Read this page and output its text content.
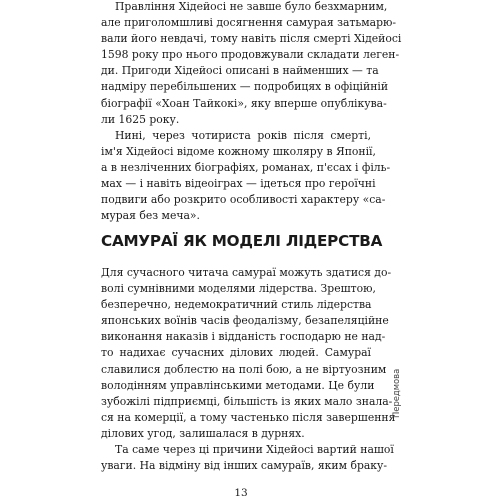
Правління Хідейосі не завше було безхмарним,
але приголомшливі досягнення самурая затьмарю-
вали його невдачі, тому навіть після смерті Хідейосі
1598 року про нього продовжували складати леген-
ди. Пригоди Хідейосі описані в найменших — та
надміру перебільшених — подробицях в офіційній
біографії «Хоан Тайкокі», яку вперше опублікува-
ли 1625 року.

Нині, через чотириста років після смерті,
ім'я Хідейосі відоме кожному школяру в Японії,
а в незліченних біографіях, романах, п'єсах і філь-
мах — і навіть відеоіграх — ідеться про героїчні
подвиги або розкрито особливості характеру «са-
мурая без меча».

САМУРАЇ ЯК МОДЕЛІ ЛІДЕРСТВА

Для сучасного читача самураї можуть здатися до-
волі сумнівними моделями лідерства. Зрештою,
безперечно, недемократичний стиль лідерства
японських воїнів часів феодалізму, безапеляційне
виконання наказів і відданість господарю не над-
то надихає сучасних ділових людей. Самураї
славилися доблестю на полі бою, а не віртуозним
володінням управлінськими методами. Це були
зубожілі підприємці, більшість із яких мало знала-
ся на комерції, а тому частенько після завершення
ділових угод, залишалася в дурнях.

Та саме через ці причини Хідейосі вартий нашої
уваги. На відміну від інших самураїв, яким браку-

Передмова
13
